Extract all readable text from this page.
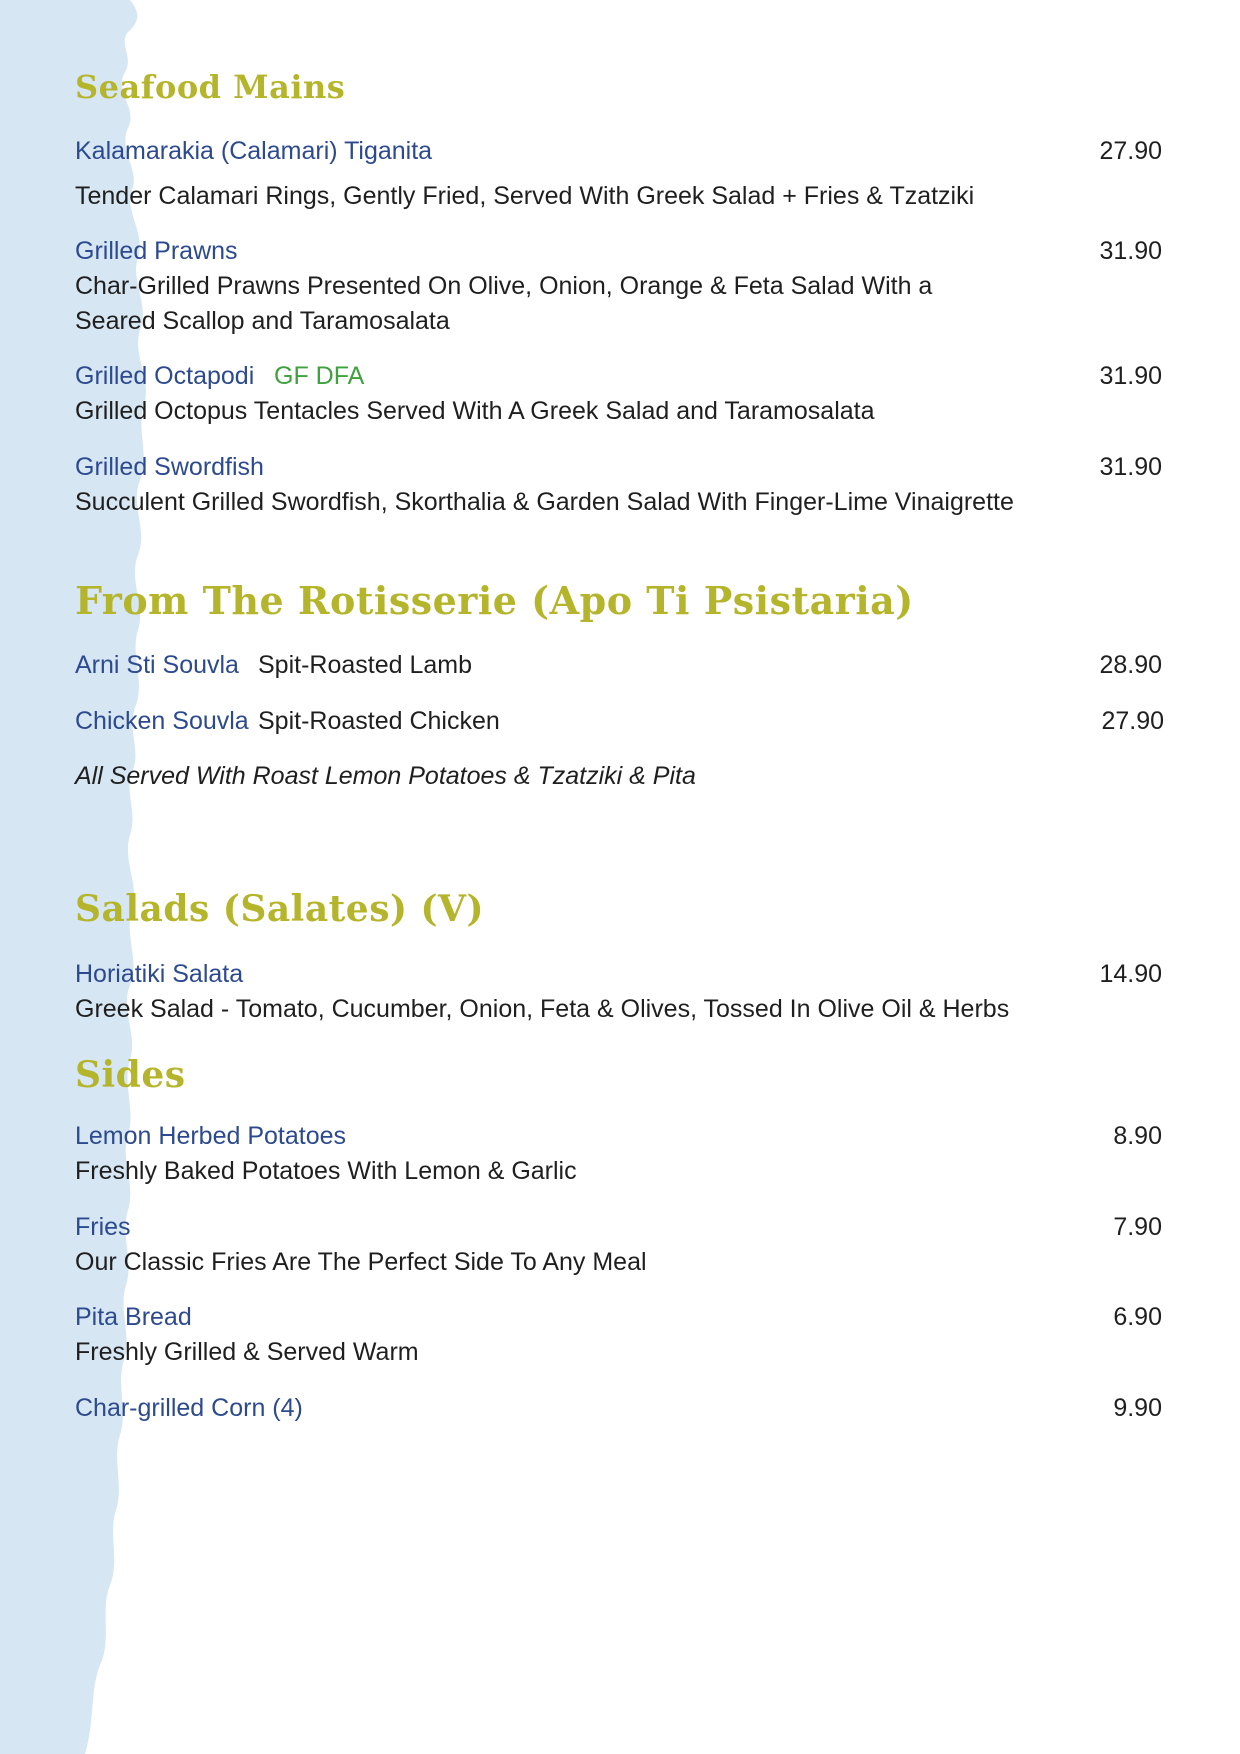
Seafood Mains
Kalamarakia (Calamari) Tiganita	27.90
Tender Calamari Rings, Gently Fried, Served With Greek Salad + Fries & Tzatziki
Grilled Prawns	31.90
Char-Grilled Prawns Presented On Olive, Onion, Orange & Feta Salad With a
Seared Scallop and Taramosalata
Grilled Octapodi GF DFA	31.90
Grilled Octopus Tentacles Served With A Greek Salad and Taramosalata
Grilled Swordfish	31.90
Succulent Grilled Swordfish, Skorthalia & Garden Salad With Finger-Lime Vinaigrette
From The Rotisserie (Apo Ti Psistaria)
Arni Sti Souvla Spit-Roasted Lamb	28.90
Chicken Souvla Spit-Roasted Chicken	27.90
All Served With Roast Lemon Potatoes & Tzatziki & Pita
Salads (Salates) (V)
Horiatiki Salata	14.90
Greek Salad - Tomato, Cucumber, Onion, Feta & Olives, Tossed In Olive Oil & Herbs
Sides
Lemon Herbed Potatoes	8.90
Freshly Baked Potatoes With Lemon & Garlic
Fries	7.90
Our Classic Fries Are The Perfect Side To Any Meal
Pita Bread	6.90
Freshly Grilled & Served Warm
Char-grilled Corn (4)	9.90
